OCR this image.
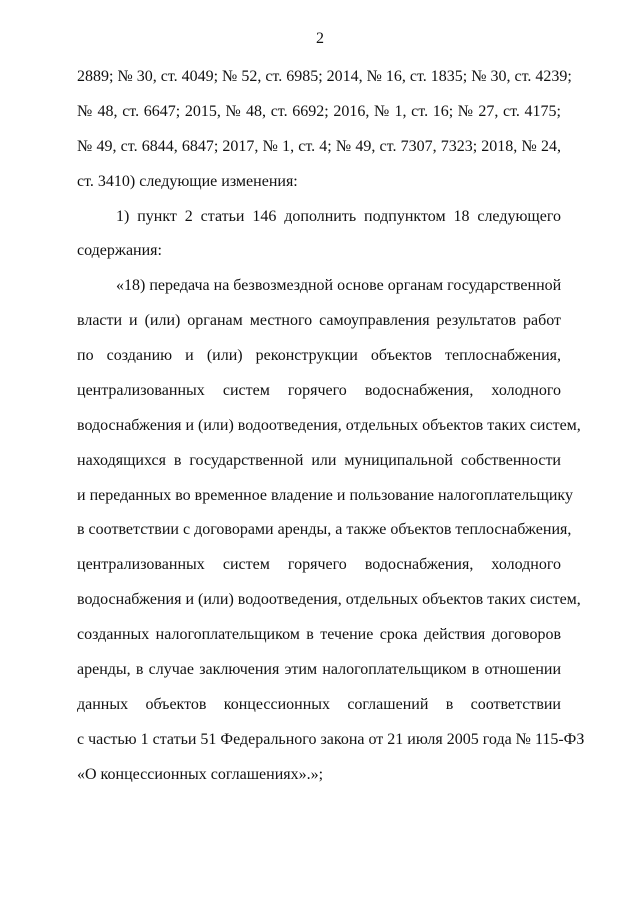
2
2889; № 30, ст. 4049; № 52, ст. 6985; 2014, № 16, ст. 1835; № 30, ст. 4239;
№ 48, ст. 6647; 2015, № 48, ст. 6692; 2016, № 1, ст. 16; № 27, ст. 4175;
№ 49, ст. 6844, 6847; 2017, № 1, ст. 4; № 49, ст. 7307, 7323; 2018, № 24,
ст. 3410) следующие изменения:
1) пункт 2 статьи 146 дополнить подпунктом 18 следующего
содержания:
«18) передача на безвозмездной основе органам государственной
власти и (или) органам местного самоуправления результатов работ
по созданию и (или) реконструкции объектов теплоснабжения,
централизованных систем горячего водоснабжения, холодного
водоснабжения и (или) водоотведения, отдельных объектов таких систем,
находящихся в государственной или муниципальной собственности
и переданных во временное владение и пользование налогоплательщику
в соответствии с договорами аренды, а также объектов теплоснабжения,
централизованных систем горячего водоснабжения, холодного
водоснабжения и (или) водоотведения, отдельных объектов таких систем,
созданных налогоплательщиком в течение срока действия договоров
аренды, в случае заключения этим налогоплательщиком в отношении
данных объектов концессионных соглашений в соответствии
с частью 1 статьи 51 Федерального закона от 21 июля 2005 года № 115-ФЗ
«О концессионных соглашениях».»;
